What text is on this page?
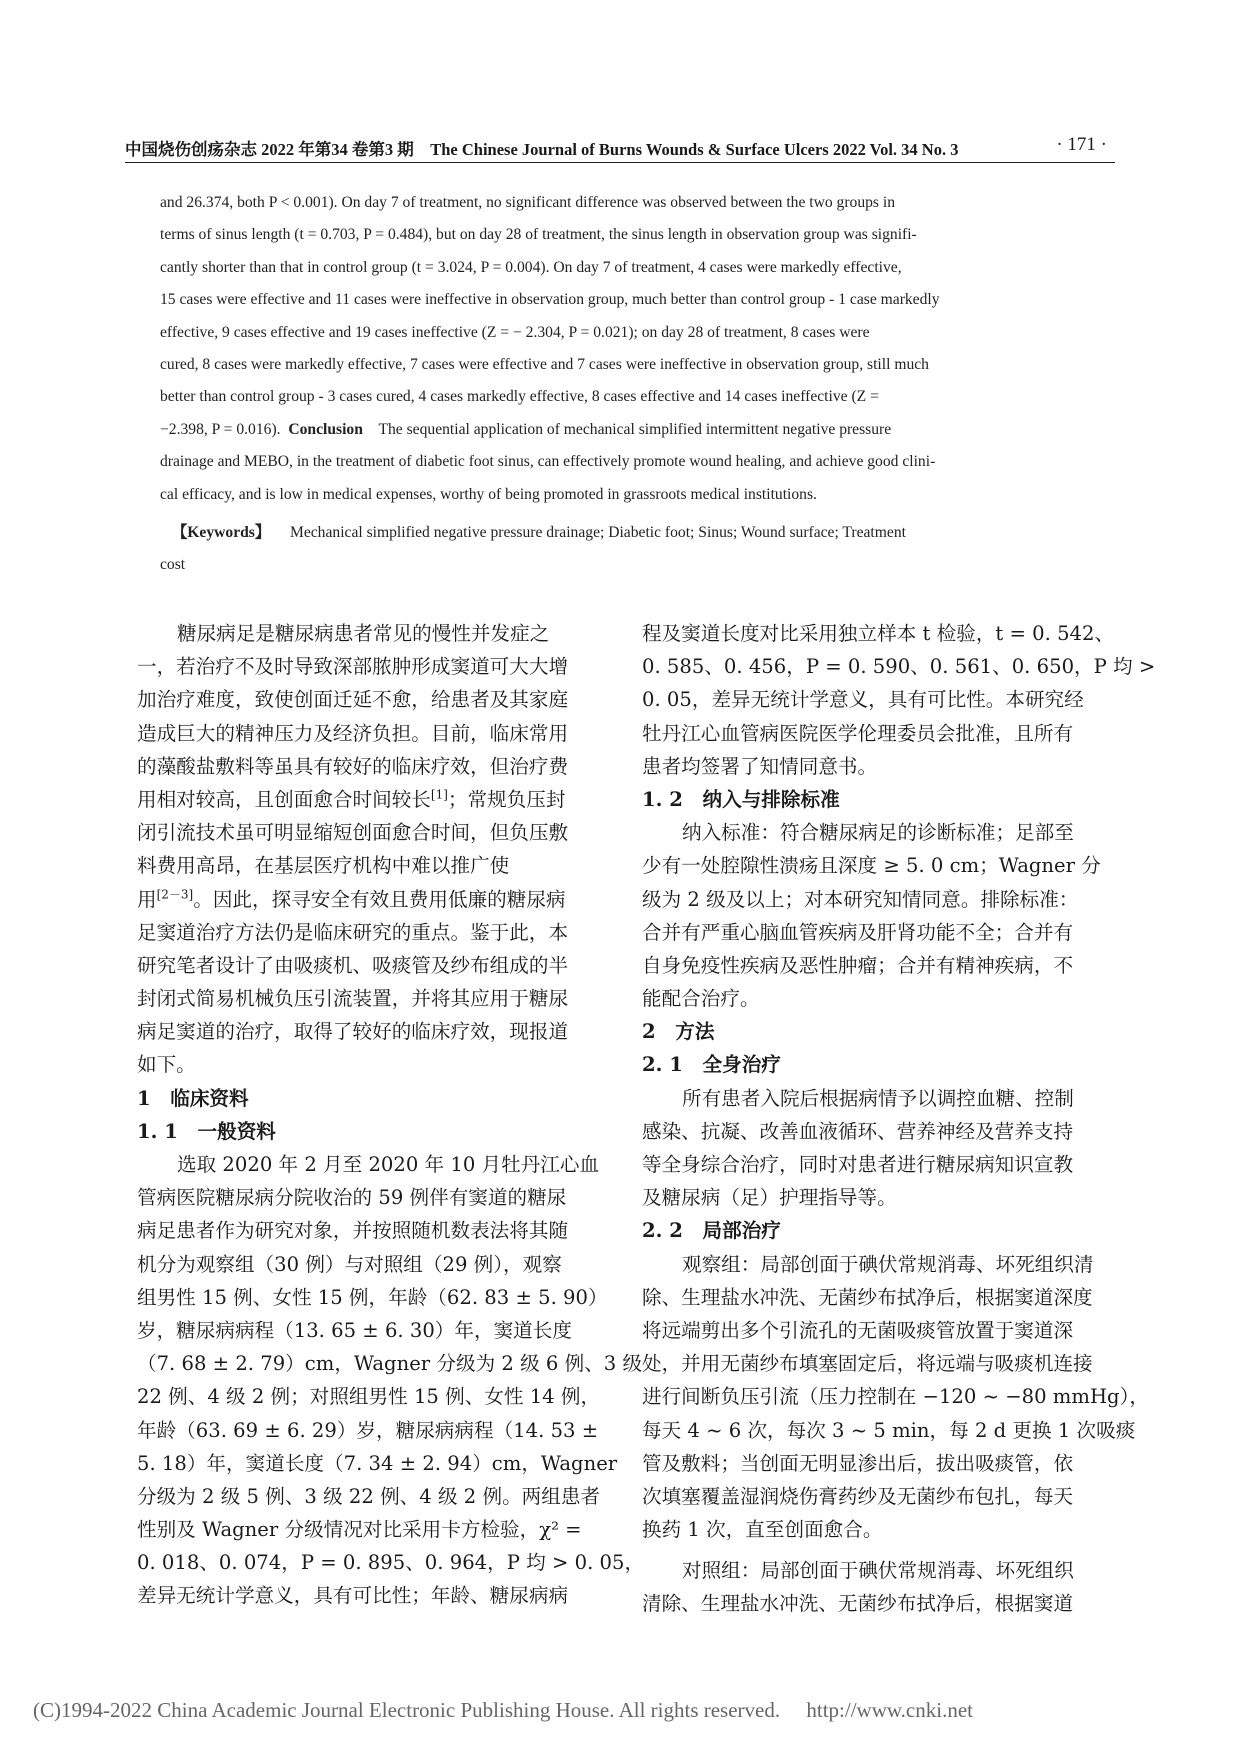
中国烧伤创疡杂志 2022 年第34 卷第3 期　The Chinese Journal of Burns Wounds & Surface Ulcers 2022 Vol. 34 No. 3	· 171 ·
and 26.374, both P < 0.001). On day 7 of treatment, no significant difference was observed between the two groups in
terms of sinus length (t = 0.703, P = 0.484), but on day 28 of treatment, the sinus length in observation group was signifi-
cantly shorter than that in control group (t = 3.024, P = 0.004). On day 7 of treatment, 4 cases were markedly effective,
15 cases were effective and 11 cases were ineffective in observation group, much better than control group - 1 case markedly
effective, 9 cases effective and 19 cases ineffective (Z = − 2.304, P = 0.021); on day 28 of treatment, 8 cases were
cured, 8 cases were markedly effective, 7 cases were effective and 7 cases were ineffective in observation group, still much
better than control group - 3 cases cured, 4 cases markedly effective, 8 cases effective and 14 cases ineffective (Z =
−2.398, P = 0.016). Conclusion The sequential application of mechanical simplified intermittent negative pressure
drainage and MEBO, in the treatment of diabetic foot sinus, can effectively promote wound healing, and achieve good clini-
cal efficacy, and is low in medical expenses, worthy of being promoted in grassroots medical institutions.
【Keywords】 Mechanical simplified negative pressure drainage; Diabetic foot; Sinus; Wound surface; Treatment
cost
糖尿病足是糖尿病患者常见的慢性并发症之
一，若治疗不及时导致深部脓肿形成窦道可大大增
加治疗难度，致使创面迁延不愈，给患者及其家庭
造成巨大的精神压力及经济负担。目前，临床常用
的藻酸盐敷料等虽具有较好的临床疗效，但治疗费
用相对较高，且创面愈合时间较长[1]；常规负压封
闭引流技术虽可明显缩短创面愈合时间，但负压敷
料费用高昂，在基层医疗机构中难以推广使
用[2－3]。因此，探寻安全有效且费用低廉的糖尿病
足窦道治疗方法仍是临床研究的重点。鉴于此，本
研究笔者设计了由吸痰机、吸痰管及纱布组成的半
封闭式简易机械负压引流装置，并将其应用于糖尿
病足窦道的治疗，取得了较好的临床疗效，现报道
如下。
1　临床资料
1. 1　一般资料
选取 2020 年 2 月至 2020 年 10 月牡丹江心血
管病医院糖尿病分院收治的 59 例伴有窦道的糖尿
病足患者作为研究对象，并按照随机数表法将其随
机分为观察组（30 例）与对照组（29 例），观察
组男性 15 例、女性 15 例，年龄（62. 83 ± 5. 90）
岁，糖尿病病程（13. 65 ± 6. 30）年，窦道长度
（7. 68 ± 2. 79）cm，Wagner 分级为 2 级 6 例、3 级
22 例、4 级 2 例；对照组男性 15 例、女性 14 例，
年龄（63. 69 ± 6. 29）岁，糖尿病病程（14. 53 ±
5. 18）年，窦道长度（7. 34 ± 2. 94）cm，Wagner
分级为 2 级 5 例、3 级 22 例、4 级 2 例。两组患者
性别及 Wagner 分级情况对比采用卡方检验，χ² =
0. 018、0. 074，P = 0. 895、0. 964，P 均 > 0. 05，
差异无统计学意义，具有可比性；年龄、糖尿病病
程及窦道长度对比采用独立样本 t 检验，t = 0. 542、
0. 585、0. 456，P = 0. 590、0. 561、0. 650，P 均 >
0. 05，差异无统计学意义，具有可比性。本研究经
牡丹江心血管病医院医学伦理委员会批准，且所有
患者均签署了知情同意书。
1. 2　纳入与排除标准
纳入标准：符合糖尿病足的诊断标准；足部至
少有一处腔隙性溃疡且深度 ≥ 5. 0 cm；Wagner 分
级为 2 级及以上；对本研究知情同意。排除标准：
合并有严重心脑血管疾病及肝肾功能不全；合并有
自身免疫性疾病及恶性肿瘤；合并有精神疾病，不
能配合治疗。
2　方法
2. 1　全身治疗
所有患者入院后根据病情予以调控血糖、控制
感染、抗凝、改善血液循环、营养神经及营养支持
等全身综合治疗，同时对患者进行糖尿病知识宣教
及糖尿病（足）护理指导等。
2. 2　局部治疗
观察组：局部创面于碘伏常规消毒、坏死组织清
除、生理盐水冲洗、无菌纱布拭净后，根据窦道深度
将远端剪出多个引流孔的无菌吸痰管放置于窦道深
处，并用无菌纱布填塞固定后，将远端与吸痰机连接
进行间断负压引流（压力控制在 −120 ~ −80 mmHg），
每天 4 ~ 6 次，每次 3 ~ 5 min，每 2 d 更换 1 次吸痰
管及敷料；当创面无明显渗出后，拔出吸痰管，依
次填塞覆盖湿润烧伤膏药纱及无菌纱布包扎，每天
换药 1 次，直至创面愈合。
对照组：局部创面于碘伏常规消毒、坏死组织
清除、生理盐水冲洗、无菌纱布拭净后，根据窦道
(C)1994-2022 China Academic Journal Electronic Publishing House. All rights reserved.　 http://www.cnki.net
